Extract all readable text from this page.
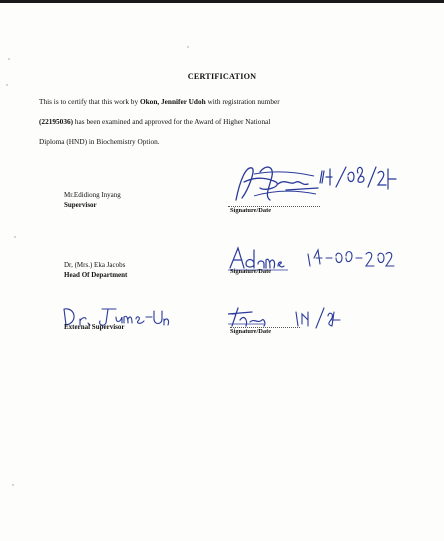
CERTIFICATION
This is to certify that this work by Okon, Jennifer Udoh with registration number
(22195036) has been examined and approved for the Award of Higher National
Diploma (HND) in Biochemistry Option.
Mr.Edidiong Inyang
Supervisor
Signature/Date
Dr, (Mrs.) Eka Jacobs
Head Of Department	Signature/Date
External Supervisor
Signature/Date
